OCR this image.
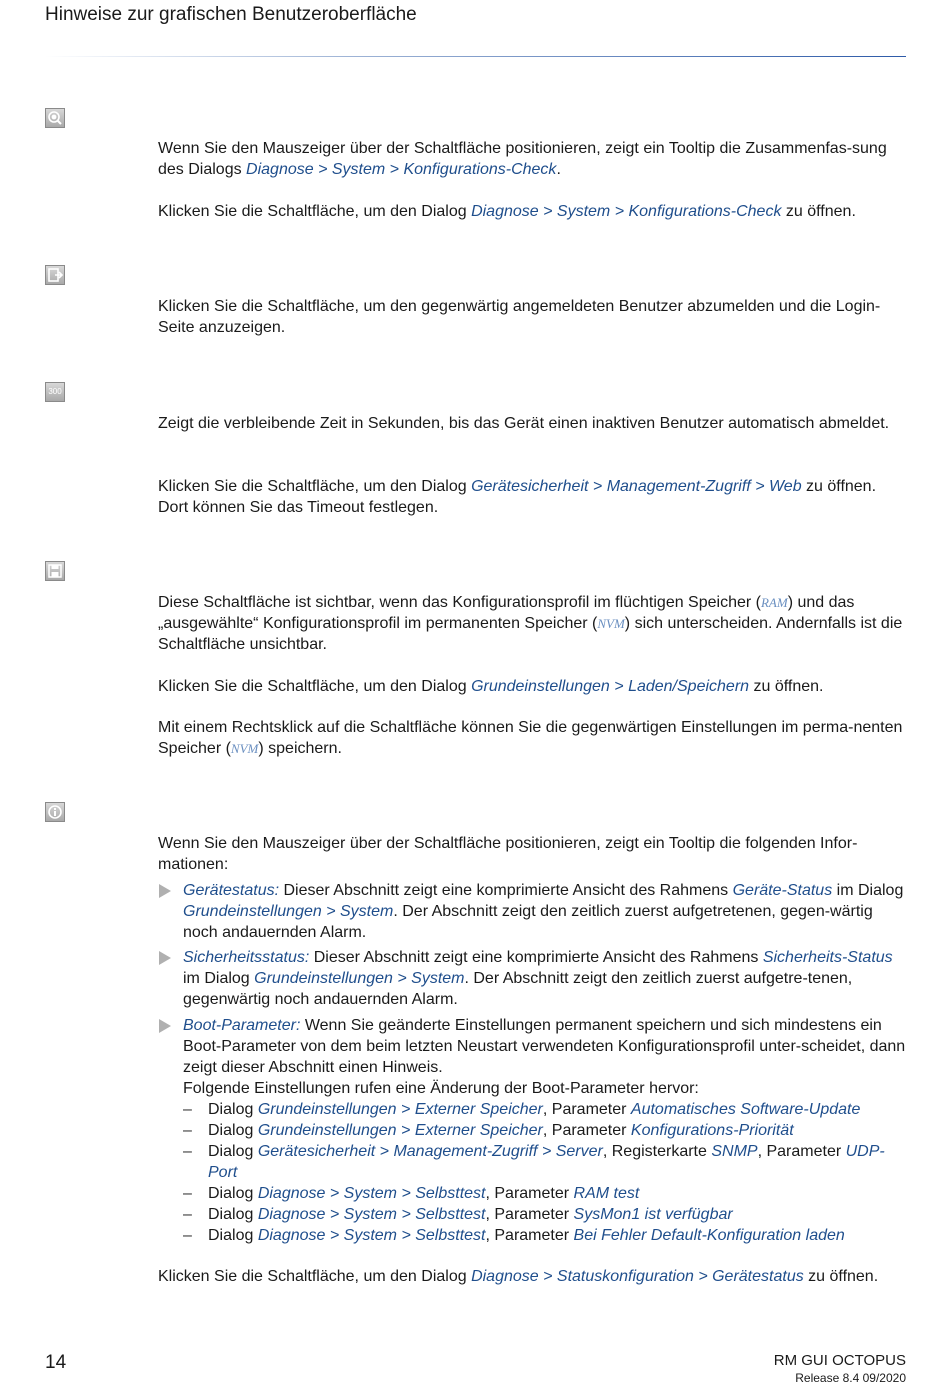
Hinweise zur grafischen Benutzeroberfläche

Wenn Sie den Mauszeiger über der Schaltfläche positionieren, zeigt ein Tooltip die Zusammenfas-sung des Dialogs Diagnose > System > Konfigurations-Check.

Klicken Sie die Schaltfläche, um den Dialog Diagnose > System > Konfigurations-Check zu öffnen.

Klicken Sie die Schaltfläche, um den gegenwärtig angemeldeten Benutzer abzumelden und die Login-Seite anzuzeigen.

300

Zeigt die verbleibende Zeit in Sekunden, bis das Gerät einen inaktiven Benutzer automatisch abmeldet.

Klicken Sie die Schaltfläche, um den Dialog Gerätesicherheit > Management-Zugriff > Web zu öffnen. Dort können Sie das Timeout festlegen.

Diese Schaltfläche ist sichtbar, wenn das Konfigurationsprofil im flüchtigen Speicher (RAM) und das „ausgewählte“ Konfigurationsprofil im permanenten Speicher (NVM) sich unterscheiden. Andernfalls ist die Schaltfläche unsichtbar.

Klicken Sie die Schaltfläche, um den Dialog Grundeinstellungen > Laden/Speichern zu öffnen.

Mit einem Rechtsklick auf die Schaltfläche können Sie die gegenwärtigen Einstellungen im perma-nenten Speicher (NVM) speichern.

Wenn Sie den Mauszeiger über der Schaltfläche positionieren, zeigt ein Tooltip die folgenden Infor-mationen:

Gerätestatus: Dieser Abschnitt zeigt eine komprimierte Ansicht des Rahmens Geräte-Status im Dialog Grundeinstellungen > System. Der Abschnitt zeigt den zeitlich zuerst aufgetretenen, gegen-wärtig noch andauernden Alarm.
Sicherheitsstatus: Dieser Abschnitt zeigt eine komprimierte Ansicht des Rahmens Sicherheits-Status im Dialog Grundeinstellungen > System. Der Abschnitt zeigt den zeitlich zuerst aufgetre-tenen, gegenwärtig noch andauernden Alarm.
Boot-Parameter: Wenn Sie geänderte Einstellungen permanent speichern und sich mindestens ein Boot-Parameter von dem beim letzten Neustart verwendeten Konfigurationsprofil unter-scheidet, dann zeigt dieser Abschnitt einen Hinweis.
Folgende Einstellungen rufen eine Änderung der Boot-Parameter hervor:
– Dialog Grundeinstellungen > Externer Speicher, Parameter Automatisches Software-Update
– Dialog Grundeinstellungen > Externer Speicher, Parameter Konfigurations-Priorität
– Dialog Gerätesicherheit > Management-Zugriff > Server, Registerkarte SNMP, Parameter UDP-Port
– Dialog Diagnose > System > Selbsttest, Parameter RAM test
– Dialog Diagnose > System > Selbsttest, Parameter SysMon1 ist verfügbar
– Dialog Diagnose > System > Selbsttest, Parameter Bei Fehler Default-Konfiguration laden

Klicken Sie die Schaltfläche, um den Dialog Diagnose > Statuskonfiguration > Gerätestatus zu öffnen.

14	RM GUI OCTOPUS
Release 8.4 09/2020
